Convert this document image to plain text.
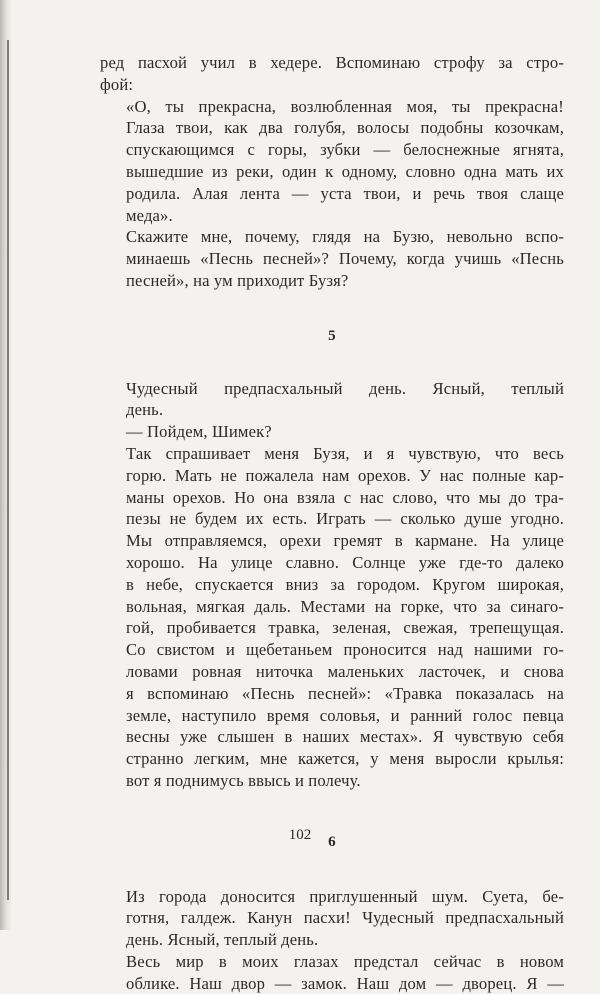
ред пасхой учил в хедере. Вспоминаю строфу за стро-
фой:

«О, ты прекрасна, возлюбленная моя, ты прекрасна!
Глаза твои, как два голубя, волосы подобны козочкам,
спускающимся с горы, зубки — белоснежные ягнята,
вышедшие из реки, один к одному, словно одна мать их
родила. Алая лента — уста твои, и речь твоя слаще
меда».

Скажите мне, почему, глядя на Бузю, невольно вспо-
минаешь «Песнь песней»? Почему, когда учишь «Песнь
песней», на ум приходит Бузя?

5

Чудесный предпасхальный день. Ясный, теплый
день.

— Пойдем, Шимек?

Так спрашивает меня Бузя, и я чувствую, что весь
горю. Мать не пожалела нам орехов. У нас полные кар-
маны орехов. Но она взяла с нас слово, что мы до тра-
пезы не будем их есть. Играть — сколько душе угодно.
Мы отправляемся, орехи гремят в кармане. На улице
хорошо. На улице славно. Солнце уже где-то далеко
в небе, спускается вниз за городом. Кругом широкая,
вольная, мягкая даль. Местами на горке, что за синаго-
гой, пробивается травка, зеленая, свежая, трепещущая.
Со свистом и щебетаньем проносится над нашими го-
ловами ровная ниточка маленьких ласточек, и снова
я вспоминаю «Песнь песней»: «Травка показалась на
земле, наступило время соловья, и ранний голос певца
весны уже слышен в наших местах». Я чувствую себя
странно легким, мне кажется, у меня выросли крылья:
вот я поднимусь ввысь и полечу.

6

Из города доносится приглушенный шум. Суета, бе-
готня, галдеж. Канун пасхи! Чудесный предпасхальный
день. Ясный, теплый день.

Весь мир в моих глазах предстал сейчас в новом
облике. Наш двор — замок. Наш дом — дворец. Я —

102
